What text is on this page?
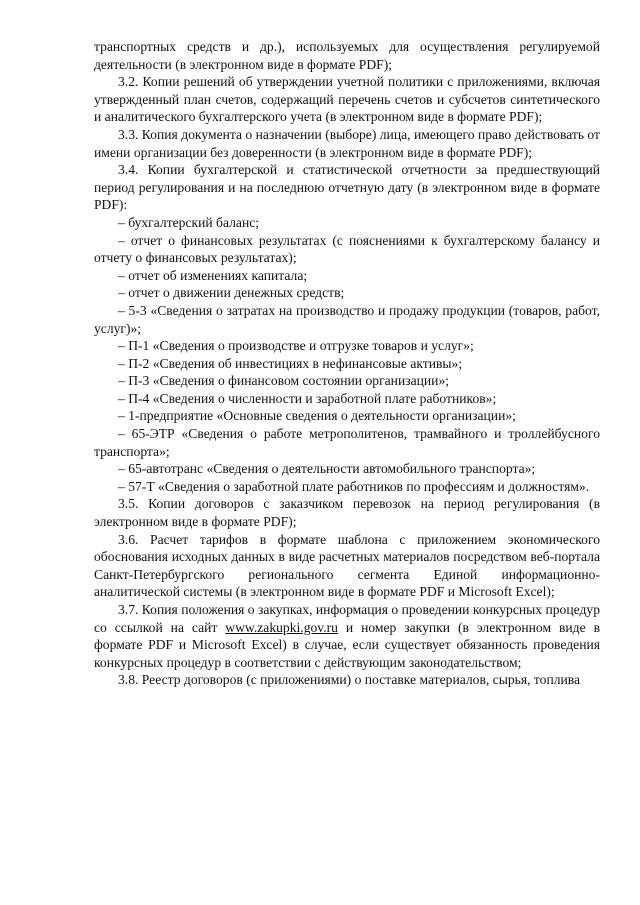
транспортных средств и др.), используемых для осуществления регулируемой деятельности (в электронном виде в формате PDF);

3.2. Копии решений об утверждении учетной политики с приложениями, включая утвержденный план счетов, содержащий перечень счетов и субсчетов синтетического и аналитического бухгалтерского учета (в электронном виде в формате PDF);

3.3. Копия документа о назначении (выборе) лица, имеющего право действовать от имени организации без доверенности (в электронном виде в формате PDF);

3.4. Копии бухгалтерской и статистической отчетности за предшествующий период регулирования и на последнюю отчетную дату (в электронном виде в формате PDF):

– бухгалтерский баланс;

– отчет о финансовых результатах (с пояснениями к бухгалтерскому балансу и отчету о финансовых результатах);

– отчет об изменениях капитала;

– отчет о движении денежных средств;

– 5-3 «Сведения о затратах на производство и продажу продукции (товаров, работ, услуг)»;

– П-1 «Сведения о производстве и отгрузке товаров и услуг»;

– П-2 «Сведения об инвестициях в нефинансовые активы»;

– П-3 «Сведения о финансовом состоянии организации»;

– П-4 «Сведения о численности и заработной плате работников»;

– 1-предприятие «Основные сведения о деятельности организации»;

– 65-ЭТР «Сведения о работе метрополитенов, трамвайного и троллейбусного транспорта»;

– 65-автотранс «Сведения о деятельности автомобильного транспорта»;

– 57-Т «Сведения о заработной плате работников по профессиям и должностям».

3.5. Копии договоров с заказчиком перевозок на период регулирования (в электронном виде в формате PDF);

3.6. Расчет тарифов в формате шаблона с приложением экономического обоснования исходных данных в виде расчетных материалов посредством веб-портала Санкт-Петербургского регионального сегмента Единой информационно-аналитической системы (в электронном виде в формате PDF и Microsoft Excel);

3.7. Копия положения о закупках, информация о проведении конкурсных процедур со ссылкой на сайт www.zakupki.gov.ru и номер закупки (в электронном виде в формате PDF и Microsoft Excel) в случае, если существует обязанность проведения конкурсных процедур в соответствии с действующим законодательством;

3.8. Реестр договоров (с приложениями) о поставке материалов, сырья, топлива
